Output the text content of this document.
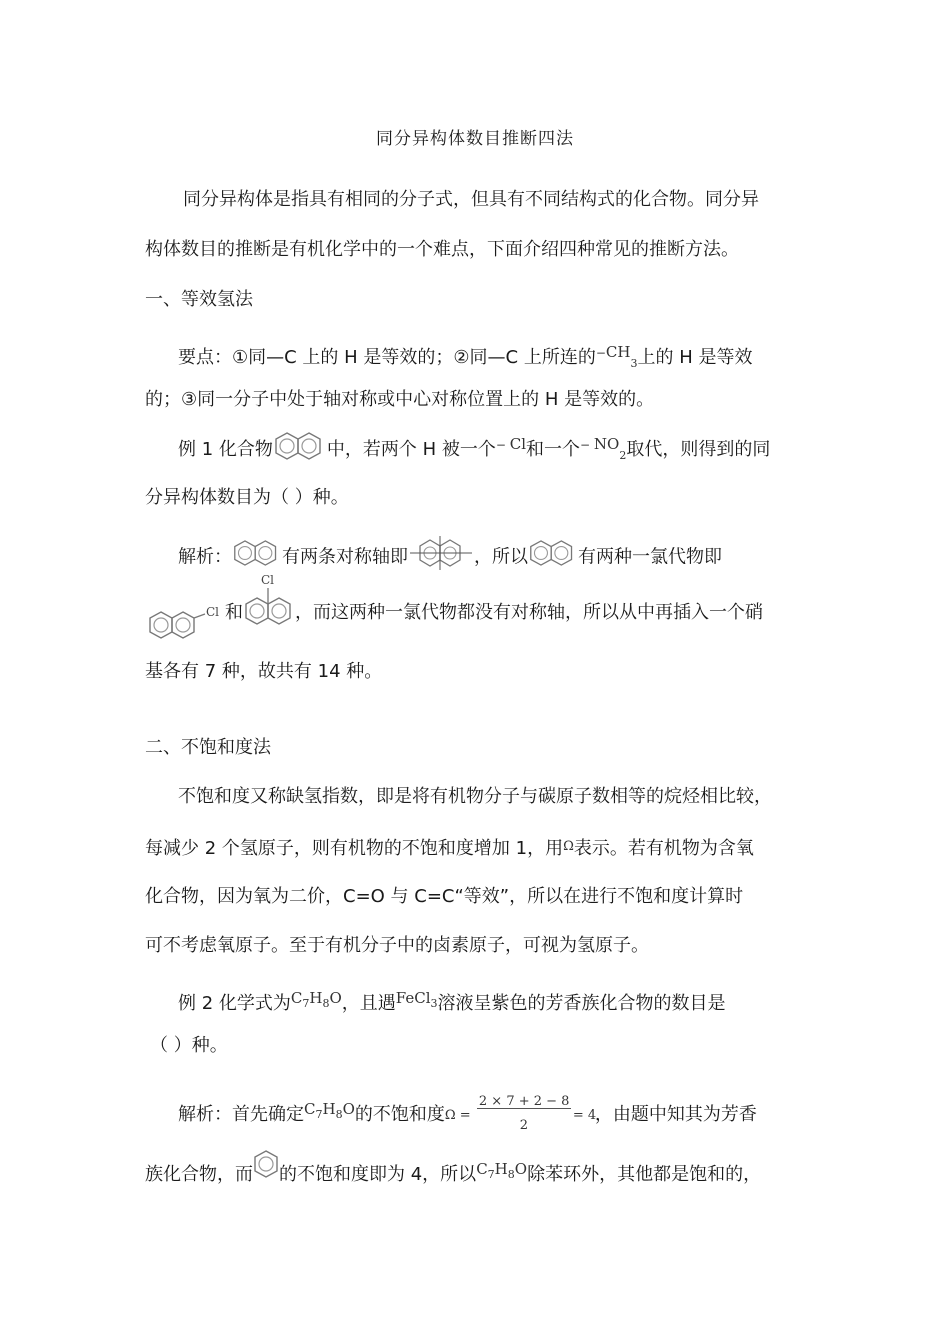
同分异构体数目推断四法
同分异构体是指具有相同的分子式，但具有不同结构式的化合物。同分异
构体数目的推断是有机化学中的一个难点，下面介绍四种常见的推断方法。
一、等效氢法
要点：①同—C 上的 H 是等效的；②同—C 上所连的$^-CH_3$上的 H 是等效
的；③同一分子中处于轴对称或中心对称位置上的 H 是等效的。
例 1 化合物	中，若两个 H 被一个− Cl和一个− $NO_2$取代，则得到的同
分异构体数目为（ ）种。
解析：	有两条对称轴即	，所以	有两种一氯代物即
Cl 和
Cl
，而这两种一氯代物都没有对称轴，所以从中再插入一个硝
基各有 7 种，故共有 14 种。
二、不饱和度法
不饱和度又称缺氢指数，即是将有机物分子与碳原子数相等的烷烃相比较，
每减少 2 个氢原子，则有机物的不饱和度增加 1，用Ω表示。若有机物为含氧
化合物，因为氧为二价，C=O 与 C=C“等效”，所以在进行不饱和度计算时
可不考虑氧原子。至于有机分子中的卤素原子，可视为氢原子。
例 2 化学式为$C_7H_8O$，且遇FeCl$_3$溶液呈紫色的芳香族化合物的数目是
（ ）种。
解析：首先确定$C_7H_8O$的不饱和度 Ω =
2 × 7 + 2 − 8
2
= 4
，由题中知其为芳香
族化合物，而 的不饱和度即为 4，所以$C_7H_8O$除苯环外，其他都是饱和的，
